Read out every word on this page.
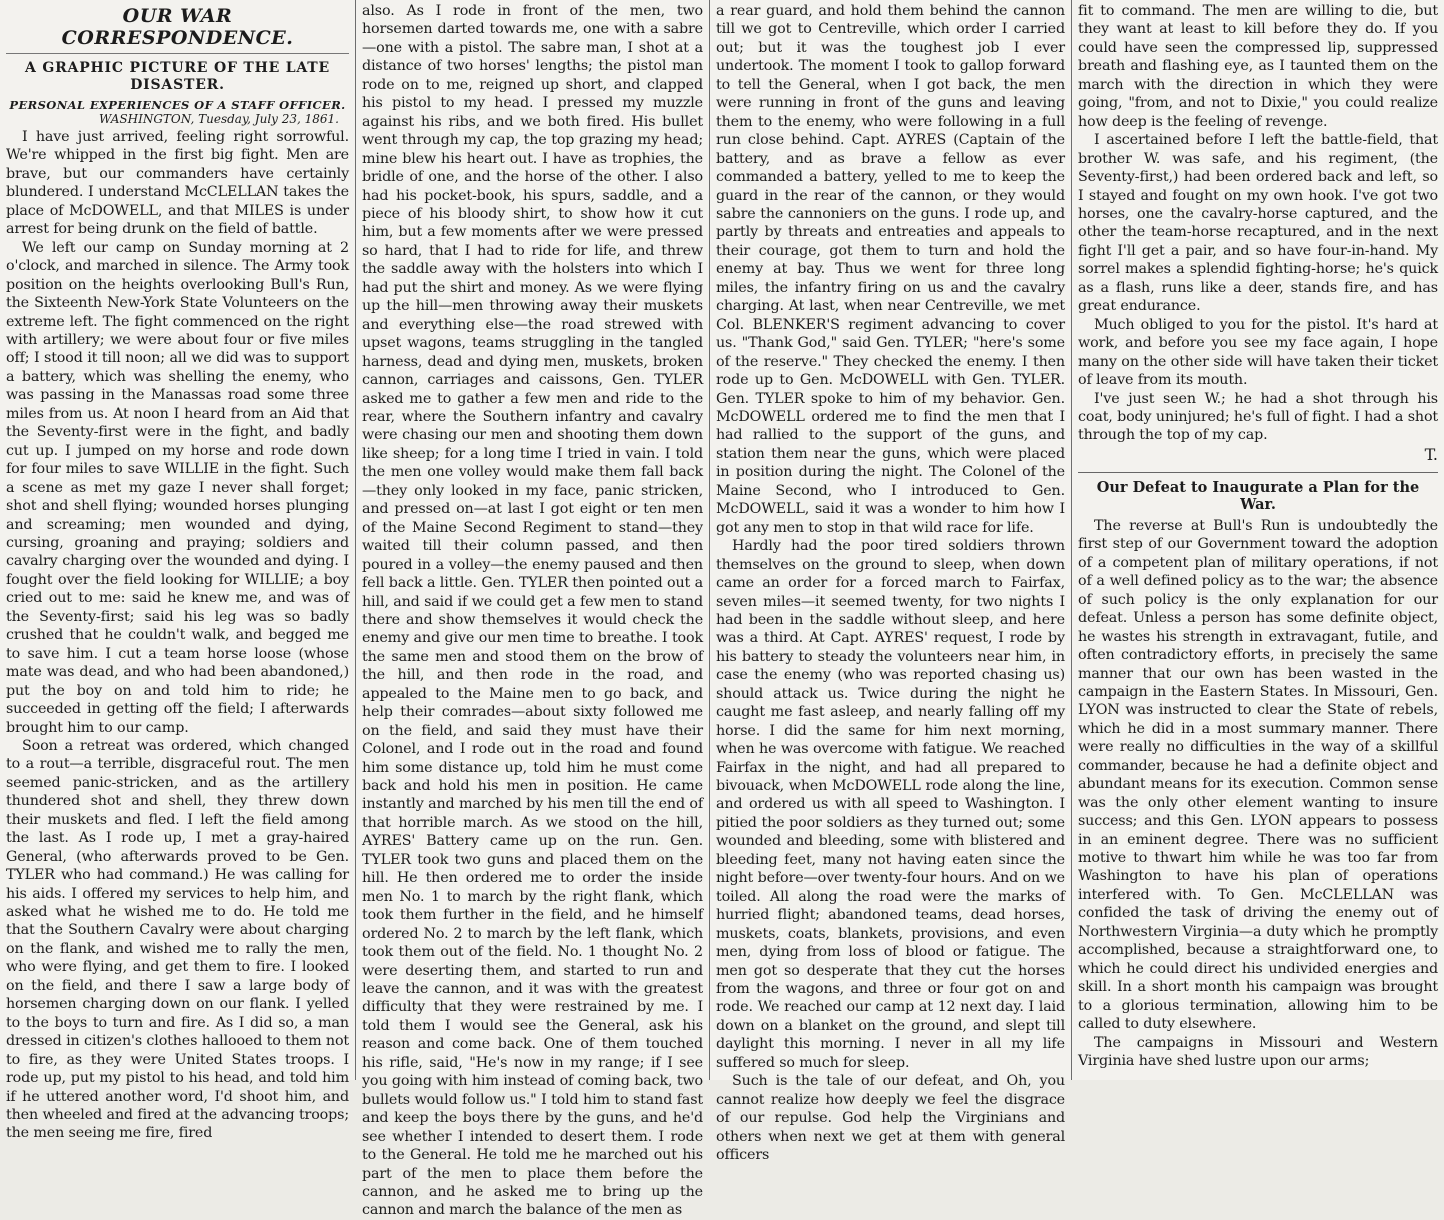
OUR WAR CORRESPONDENCE.
A GRAPHIC PICTURE OF THE LATE DISASTER.
PERSONAL EXPERIENCES OF A STAFF OFFICER.
WASHINGTON, Tuesday, July 23, 1861.

I have just arrived, feeling right sorrowful. We're whipped in the first big fight. Men are brave, but our commanders have certainly blundered. I understand McCLELLAN takes the place of McDOWELL, and that MILES is under arrest for being drunk on the field of battle.

We left our camp on Sunday morning at 2 o'clock, and marched in silence. The Army took position on the heights overlooking Bull's Run, the Sixteenth New-York State Volunteers on the extreme left. The fight commenced on the right with artillery; we were about four or five miles off; I stood it till noon; all we did was to support a battery, which was shelling the enemy, who was passing in the Manassas road some three miles from us. At noon I heard from an Aid that the Seventy-first were in the fight, and badly cut up. I jumped on my horse and rode down for four miles to save WILLIE in the fight. Such a scene as met my gaze I never shall forget; shot and shell flying; wounded horses plunging and screaming; men wounded and dying, cursing, groaning and praying; soldiers and cavalry charging over the wounded and dying. I fought over the field looking for WILLIE; a boy cried out to me: said he knew me, and was of the Seventy-first; said his leg was so badly crushed that he couldn't walk, and begged me to save him. I cut a team horse loose (whose mate was dead, and who had been abandoned,) put the boy on and told him to ride; he succeeded in getting off the field; I afterwards brought him to our camp.

Soon a retreat was ordered, which changed to a rout—a terrible, disgraceful rout. The men seemed panic-stricken, and as the artillery thundered shot and shell, they threw down their muskets and fled. I left the field among the last. As I rode up, I met a gray-haired General, (who afterwards proved to be Gen. TYLER who had command.) He was calling for his aids. I offered my services to help him, and asked what he wished me to do. He told me that the Southern Cavalry were about charging on the flank, and wished me to rally the men, who were flying, and get them to fire. I looked on the field, and there I saw a large body of horsemen charging down on our flank. I yelled to the boys to turn and fire. As I did so, a man dressed in citizen's clothes hallooed to them not to fire, as they were United States troops. I rode up, put my pistol to his head, and told him if he uttered another word, I'd shoot him, and then wheeled and fired at the advancing troops; the men seeing me fire, fired

also. As I rode in front of the men, two horsemen darted towards me, one with a sabre—one with a pistol. The sabre man, I shot at a distance of two horses' lengths; the pistol man rode on to me, reigned up short, and clapped his pistol to my head. I pressed my muzzle against his ribs, and we both fired. His bullet went through my cap, the top grazing my head; mine blew his heart out. I have as trophies, the bridle of one, and the horse of the other. I also had his pocket-book, his spurs, saddle, and a piece of his bloody shirt, to show how it cut him, but a few moments after we were pressed so hard, that I had to ride for life, and threw the saddle away with the holsters into which I had put the shirt and money. As we were flying up the hill—men throwing away their muskets and everything else—the road strewed with upset wagons, teams struggling in the tangled harness, dead and dying men, muskets, broken cannon, carriages and caissons, Gen. TYLER asked me to gather a few men and ride to the rear, where the Southern infantry and cavalry were chasing our men and shooting them down like sheep; for a long time I tried in vain. I told the men one volley would make them fall back—they only looked in my face, panic stricken, and pressed on—at last I got eight or ten men of the Maine Second Regiment to stand—they waited till their column passed, and then poured in a volley—the enemy paused and then fell back a little. Gen. TYLER then pointed out a hill, and said if we could get a few men to stand there and show themselves it would check the enemy and give our men time to breathe. I took the same men and stood them on the brow of the hill, and then rode in the road, and appealed to the Maine men to go back, and help their comrades—about sixty followed me on the field, and said they must have their Colonel, and I rode out in the road and found him some distance up, told him he must come back and hold his men in position. He came instantly and marched by his men till the end of that horrible march. As we stood on the hill, AYRES' Battery came up on the run. Gen. TYLER took two guns and placed them on the hill. He then ordered me to order the inside men No. 1 to march by the right flank, which took them further in the field, and he himself ordered No. 2 to march by the left flank, which took them out of the field. No. 1 thought No. 2 were deserting them, and started to run and leave the cannon, and it was with the greatest difficulty that they were restrained by me. I told them I would see the General, ask his reason and come back. One of them touched his rifle, said, "He's now in my range; if I see you going with him instead of coming back, two bullets would follow us." I told him to stand fast and keep the boys there by the guns, and he'd see whether I intended to desert them. I rode to the General. He told me he marched out his part of the men to place them before the cannon, and he asked me to bring up the cannon and march the balance of the men as

a rear guard, and hold them behind the cannon till we got to Centreville, which order I carried out; but it was the toughest job I ever undertook. The moment I took to gallop forward to tell the General, when I got back, the men were running in front of the guns and leaving them to the enemy, who were following in a full run close behind. Capt. AYRES (Captain of the battery, and as brave a fellow as ever commanded a battery, yelled to me to keep the guard in the rear of the cannon, or they would sabre the cannoniers on the guns. I rode up, and partly by threats and entreaties and appeals to their courage, got them to turn and hold the enemy at bay. Thus we went for three long miles, the infantry firing on us and the cavalry charging. At last, when near Centreville, we met Col. BLENKER'S regiment advancing to cover us. "Thank God," said Gen. TYLER; "here's some of the reserve." They checked the enemy. I then rode up to Gen. McDOWELL with Gen. TYLER. Gen. TYLER spoke to him of my behavior. Gen. McDOWELL ordered me to find the men that I had rallied to the support of the guns, and station them near the guns, which were placed in position during the night. The Colonel of the Maine Second, who I introduced to Gen. McDOWELL, said it was a wonder to him how I got any men to stop in that wild race for life.

Hardly had the poor tired soldiers thrown themselves on the ground to sleep, when down came an order for a forced march to Fairfax, seven miles—it seemed twenty, for two nights I had been in the saddle without sleep, and here was a third. At Capt. AYRES' request, I rode by his battery to steady the volunteers near him, in case the enemy (who was reported chasing us) should attack us. Twice during the night he caught me fast asleep, and nearly falling off my horse. I did the same for him next morning, when he was overcome with fatigue. We reached Fairfax in the night, and had all prepared to bivouack, when McDOWELL rode along the line, and ordered us with all speed to Washington. I pitied the poor soldiers as they turned out; some wounded and bleeding, some with blistered and bleeding feet, many not having eaten since the night before—over twenty-four hours. And on we toiled. All along the road were the marks of hurried flight; abandoned teams, dead horses, muskets, coats, blankets, provisions, and even men, dying from loss of blood or fatigue. The men got so desperate that they cut the horses from the wagons, and three or four got on and rode. We reached our camp at 12 next day. I laid down on a blanket on the ground, and slept till daylight this morning. I never in all my life suffered so much for sleep.

Such is the tale of our defeat, and Oh, you cannot realize how deeply we feel the disgrace of our repulse. God help the Virginians and others when next we get at them with general officers

fit to command. The men are willing to die, but they want at least to kill before they do. If you could have seen the compressed lip, suppressed breath and flashing eye, as I taunted them on the march with the direction in which they were going, "from, and not to Dixie," you could realize how deep is the feeling of revenge.

I ascertained before I left the battle-field, that brother W. was safe, and his regiment, (the Seventy-first,) had been ordered back and left, so I stayed and fought on my own hook. I've got two horses, one the cavalry-horse captured, and the other the team-horse recaptured, and in the next fight I'll get a pair, and so have four-in-hand. My sorrel makes a splendid fighting-horse; he's quick as a flash, runs like a deer, stands fire, and has great endurance.

Much obliged to you for the pistol. It's hard at work, and before you see my face again, I hope many on the other side will have taken their ticket of leave from its mouth.

I've just seen W.; he had a shot through his coat, body uninjured; he's full of fight. I had a shot through the top of my cap.

T.
Our Defeat to Inaugurate a Plan for the War.

The reverse at Bull's Run is undoubtedly the first step of our Government toward the adoption of a competent plan of military operations, if not of a well defined policy as to the war; the absence of such policy is the only explanation for our defeat. Unless a person has some definite object, he wastes his strength in extravagant, futile, and often contradictory efforts, in precisely the same manner that our own has been wasted in the campaign in the Eastern States. In Missouri, Gen. LYON was instructed to clear the State of rebels, which he did in a most summary manner. There were really no difficulties in the way of a skillful commander, because he had a definite object and abundant means for its execution. Common sense was the only other element wanting to insure success; and this Gen. LYON appears to possess in an eminent degree. There was no sufficient motive to thwart him while he was too far from Washington to have his plan of operations interfered with. To Gen. McCLELLAN was confided the task of driving the enemy out of Northwestern Virginia—a duty which he promptly accomplished, because a straightforward one, to which he could direct his undivided energies and skill. In a short month his campaign was brought to a glorious termination, allowing him to be called to duty elsewhere.

The campaigns in Missouri and Western Virginia have shed lustre upon our arms;
